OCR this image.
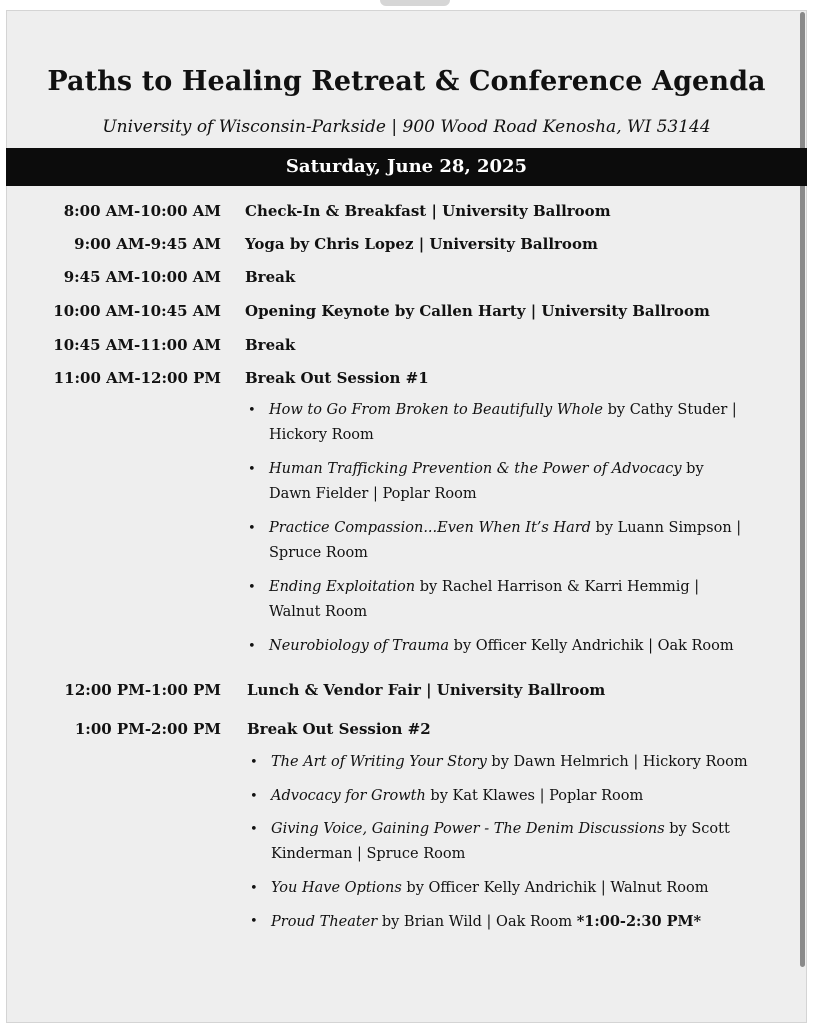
Paths to Healing Retreat & Conference Agenda
University of Wisconsin-Parkside | 900 Wood Road Kenosha, WI 53144
Saturday, June 28, 2025
8:00 AM-10:00 AM Check-In & Breakfast | University Ballroom
9:00 AM-9:45 AM Yoga by Chris Lopez | University Ballroom
9:45 AM-10:00 AM Break
10:00 AM-10:45 AM Opening Keynote by Callen Harty | University Ballroom
10:45 AM-11:00 AM Break
11:00 AM-12:00 PM Break Out Session #1
• How to Go From Broken to Beautifully Whole by Cathy Studer |
Hickory Room
• Human Trafficking Prevention & the Power of Advocacy by
Dawn Fielder | Poplar Room
• Practice Compassion...Even When It’s Hard by Luann Simpson |
Spruce Room
• Ending Exploitation by Rachel Harrison & Karri Hemmig |
Walnut Room
• Neurobiology of Trauma by Officer Kelly Andrichik | Oak Room
12:00 PM-1:00 PM Lunch & Vendor Fair | University Ballroom
1:00 PM-2:00 PM Break Out Session #2
• The Art of Writing Your Story by Dawn Helmrich | Hickory Room
• Advocacy for Growth by Kat Klawes | Poplar Room
• Giving Voice, Gaining Power - The Denim Discussions by Scott
Kinderman | Spruce Room
• You Have Options by Officer Kelly Andrichik | Walnut Room
• Proud Theater by Brian Wild | Oak Room *1:00-2:30 PM*
